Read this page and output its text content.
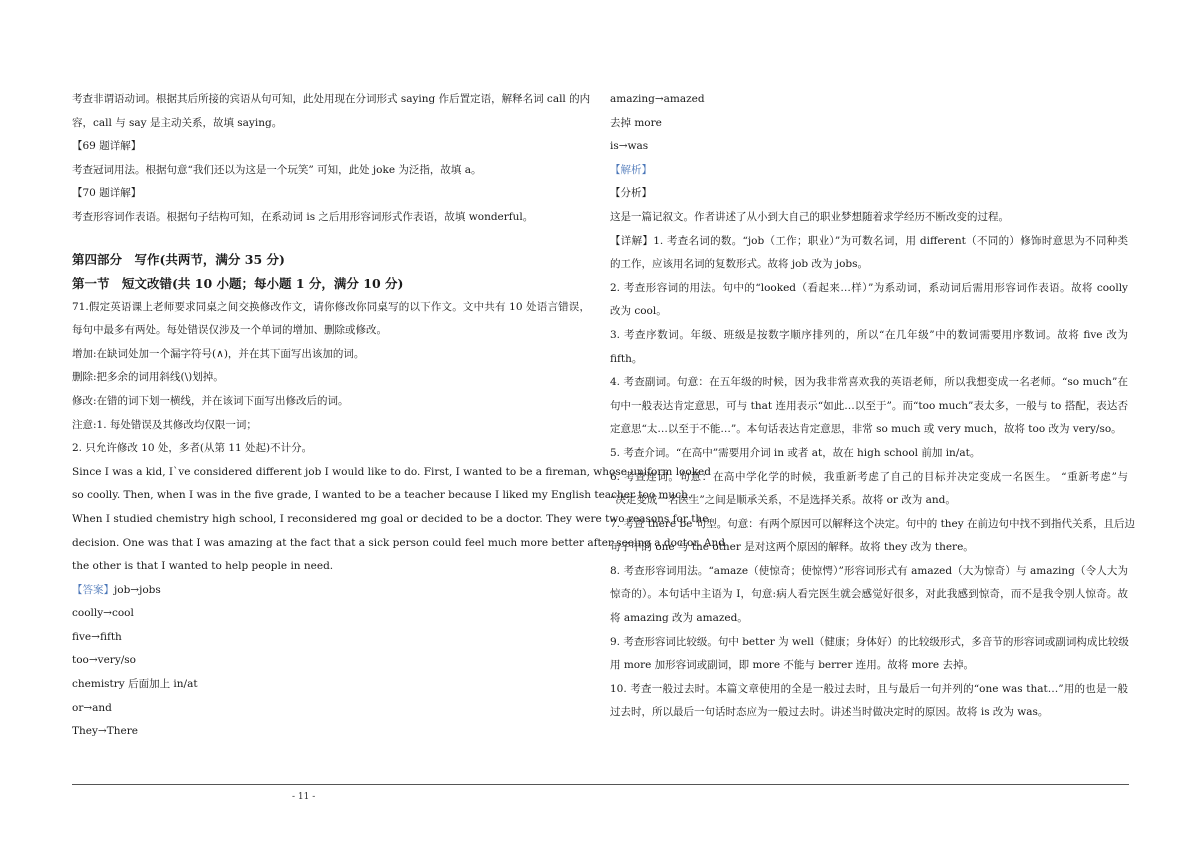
考查非谓语动词。根据其后所接的宾语从句可知，此处用现在分词形式 saying 作后置定语，解释名词 call 的内

容，call 与 say 是主动关系，故填 saying。

【69 题详解】

考查冠词用法。根据句意“我们还以为这是一个玩笑” 可知，此处 joke 为泛指，故填 a。

【70 题详解】

考查形容词作表语。根据句子结构可知，在系动词 is 之后用形容词形式作表语，故填 wonderful。

第四部分　写作(共两节，满分 35 分)

第一节　短文改错(共 10 小题；每小题 1 分，满分 10 分)

71.假定英语课上老师要求同桌之间交换修改作文，请你修改你同桌写的以下作文。文中共有 10 处语言错误，

每句中最多有两处。每处错误仅涉及一个单词的增加、删除或修改。

增加:在缺词处加一个漏字符号(∧)，并在其下面写出该加的词。

删除:把多余的词用斜线(\)划掉。

修改:在错的词下划一横线，并在该词下面写出修改后的词。

注意:1. 每处错误及其修改均仅限一词；

2. 只允许修改 10 处，多者(从第 11 处起)不计分。

Since I was a kid, I`ve considered different job I would like to do. First, I wanted to be a fireman, whose uniform looked

so coolly. Then, when I was in the five grade, I wanted to be a teacher because I liked my English teacher too much.

When I studied chemistry high school, I reconsidered mg goal or decided to be a doctor. They were two reasons for the

decision. One was that I was amazing at the fact that a sick person could feel much more better after seeing a doctor. And

the other is that I wanted to help people in need.

【答案】job→jobs

coolly→cool

five→fifth

too→very/so

chemistry 后面加上 in/at

or→and

They→There

amazing→amazed

去掉 more

is→was

【解析】

【分析】

这是一篇记叙文。作者讲述了从小到大自己的职业梦想随着求学经历不断改变的过程。

【详解】1. 考查名词的数。“job（工作；职业）”为可数名词，用 different（不同的）修饰时意思为不同种类

的工作，应该用名词的复数形式。故将 job 改为 jobs。

2. 考查形容词的用法。句中的“looked（看起来…样）”为系动词，系动词后需用形容词作表语。故将 coolly

改为 cool。

3. 考查序数词。年级、班级是按数字顺序排列的，所以“在几年级”中的数词需要用序数词。故将 five 改为

fifth。

4. 考查副词。句意：在五年级的时候，因为我非常喜欢我的英语老师，所以我想变成一名老师。“so much”在

句中一般表达肯定意思，可与 that 连用表示“如此…以至于”。而“too much”表太多，一般与 to 搭配，表达否

定意思“太…以至于不能…”。本句话表达肯定意思，非常 so much 或 very much，故将 too 改为 very/so。

5. 考查介词。“在高中”需要用介词 in 或者 at，故在 high school 前加 in/at。

6. 考查连词。句意：在高中学化学的时候，我重新考虑了自己的目标并决定变成一名医生。 “重新考虑”与

“决定变成一名医生”之间是顺承关系，不是选择关系。故将 or 改为 and。

7. 考查 there be 句型。句意：有两个原因可以解释这个决定。句中的 they 在前边句中找不到指代关系，且后边

句子中的 one 与 the other 是对这两个原因的解释。故将 they 改为 there。

8. 考查形容词用法。“amaze（使惊奇；使惊愕）”形容词形式有 amazed（大为惊奇）与 amazing（令人大为

惊奇的）。本句话中主语为 I，句意:病人看完医生就会感觉好很多，对此我感到惊奇，而不是我令别人惊奇。故

将 amazing 改为 amazed。

9. 考查形容词比较级。句中 better 为 well（健康；身体好）的比较级形式，多音节的形容词或副词构成比较级

用 more 加形容词或副词，即 more 不能与 berrer 连用。故将 more 去掉。

10. 考查一般过去时。本篇文章使用的全是一般过去时，且与最后一句并列的“one was that…”用的也是一般

过去时，所以最后一句话时态应为一般过去时。讲述当时做决定时的原因。故将 is 改为 was。

- 11 -
